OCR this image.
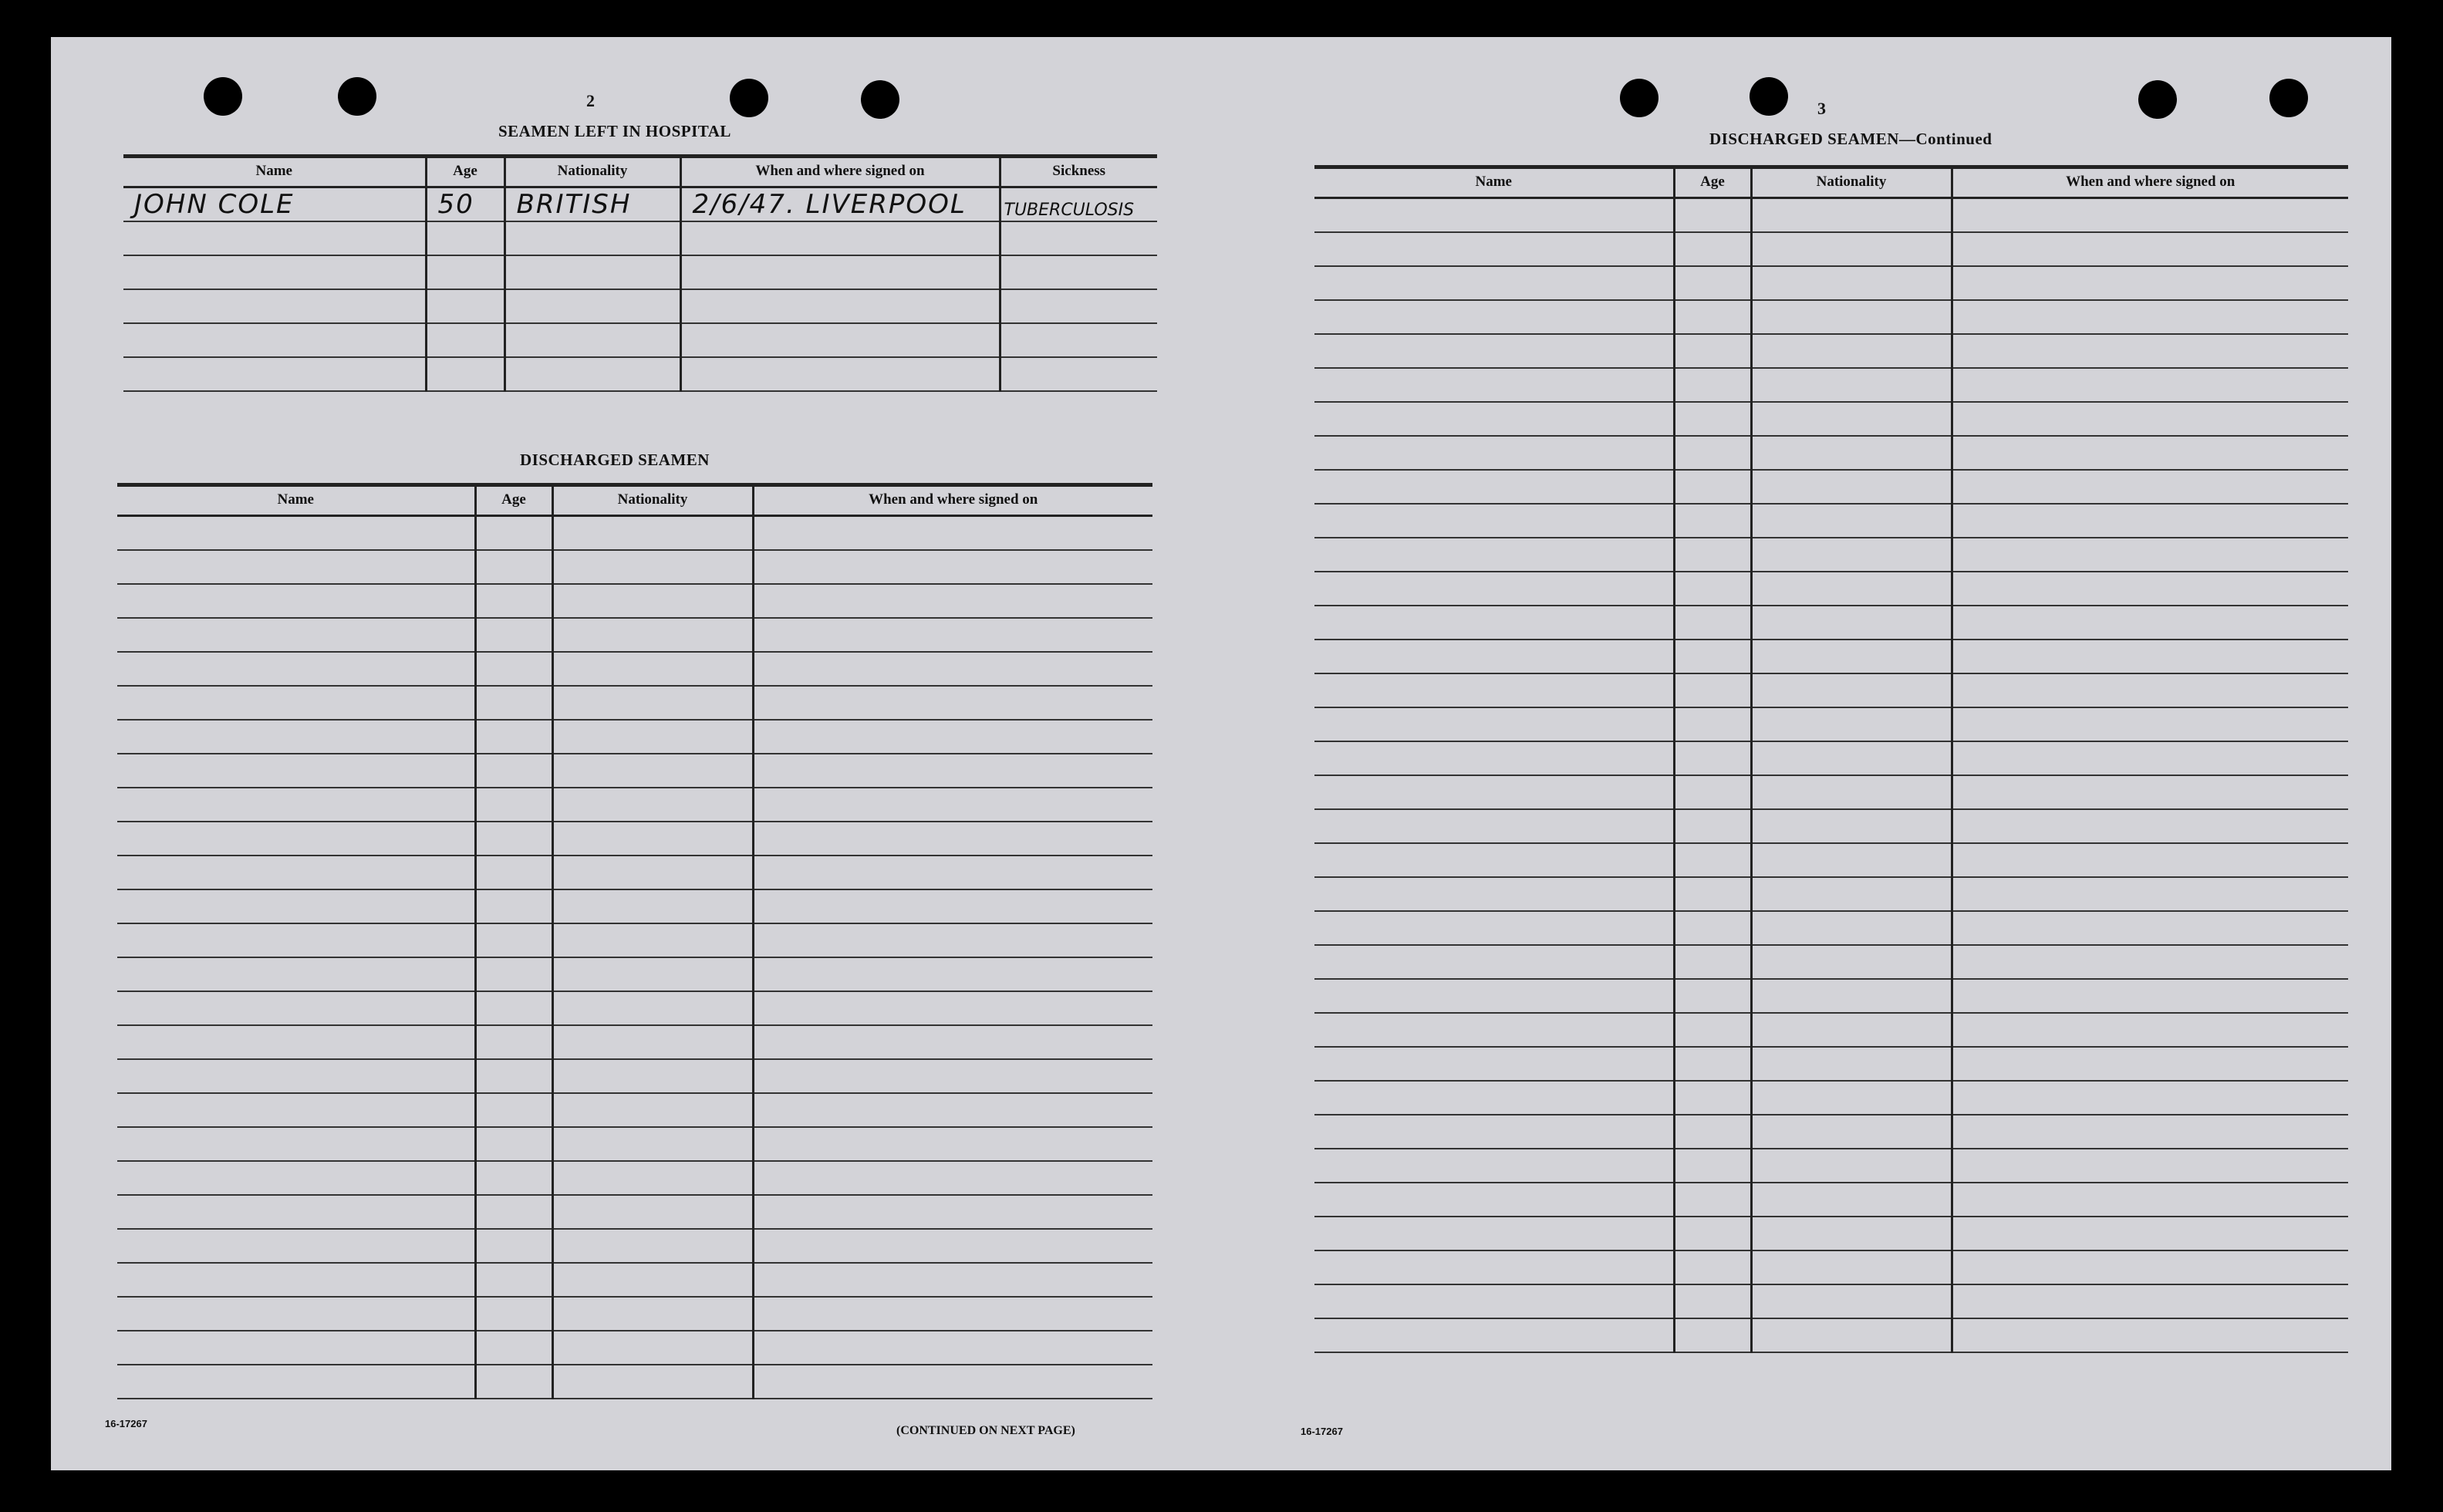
2
SEAMEN LEFT IN HOSPITAL
Name	Age	Nationality	When and where signed on	Sickness
JOHN COLE	50	BRITISH	2/6/47. LIVERPOOL	TUBERCULOSIS

DISCHARGED SEAMEN
Name	Age	Nationality	When and where signed on

16-17267
(CONTINUED ON NEXT PAGE)
3
DISCHARGED SEAMEN—Continued
Name	Age	Nationality	When and where signed on

16-17267
